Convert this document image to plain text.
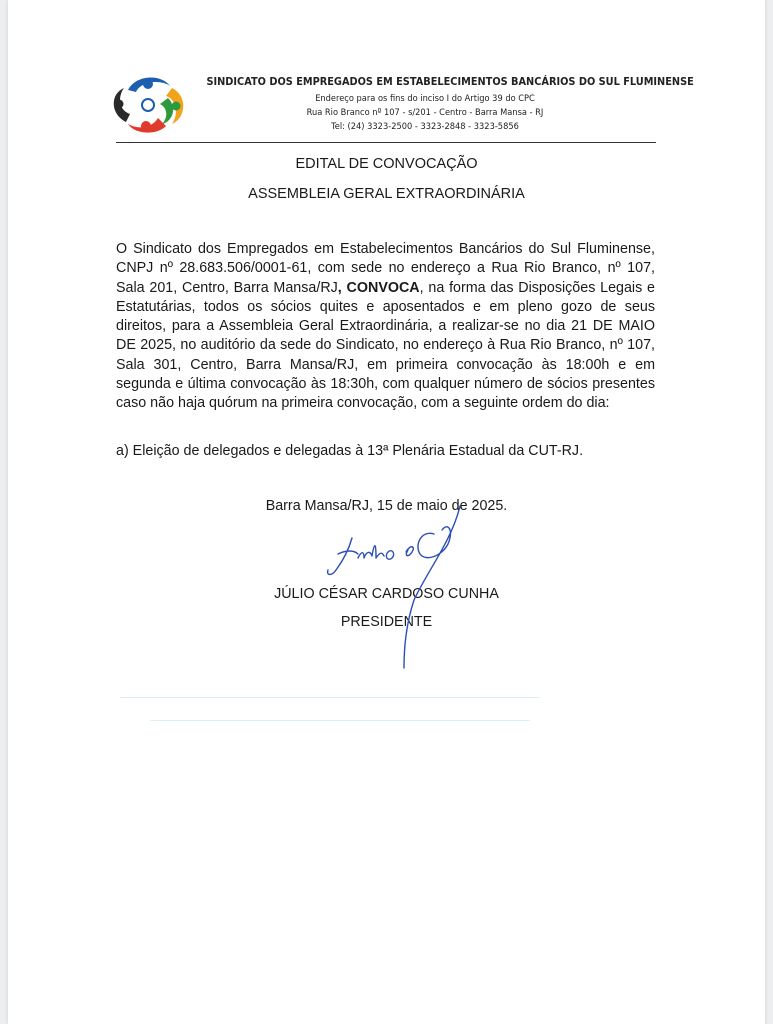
SINDICATO DOS EMPREGADOS EM ESTABELECIMENTOS BANCÁRIOS DO SUL FLUMINENSE
Endereço para os fins do inciso I do Artigo 39 do CPC
Rua Rio Branco nº 107 - s/201 - Centro - Barra Mansa - RJ
Tel: (24) 3323-2500 - 3323-2848 - 3323-5856
EDITAL DE CONVOCAÇÃO
ASSEMBLEIA GERAL EXTRAORDINÁRIA
O Sindicato dos Empregados em Estabelecimentos Bancários do Sul Fluminense, CNPJ nº 28.683.506/0001-61, com sede no endereço a Rua Rio Branco, nº 107, Sala 201, Centro, Barra Mansa/RJ, CONVOCA, na forma das Disposições Legais e Estatutárias, todos os sócios quites e aposentados e em pleno gozo de seus direitos, para a Assembleia Geral Extraordinária, a realizar-se no dia 21 DE MAIO DE 2025, no auditório da sede do Sindicato, no endereço à Rua Rio Branco, nº 107, Sala 301, Centro, Barra Mansa/RJ, em primeira convocação às 18:00h e em segunda e última convocação às 18:30h, com qualquer número de sócios presentes caso não haja quórum na primeira convocação, com a seguinte ordem do dia:
a) Eleição de delegados e delegadas à 13ª Plenária Estadual da CUT-RJ.
Barra Mansa/RJ, 15 de maio de 2025.
JÚLIO CÉSAR CARDOSO CUNHA
PRESIDENTE
